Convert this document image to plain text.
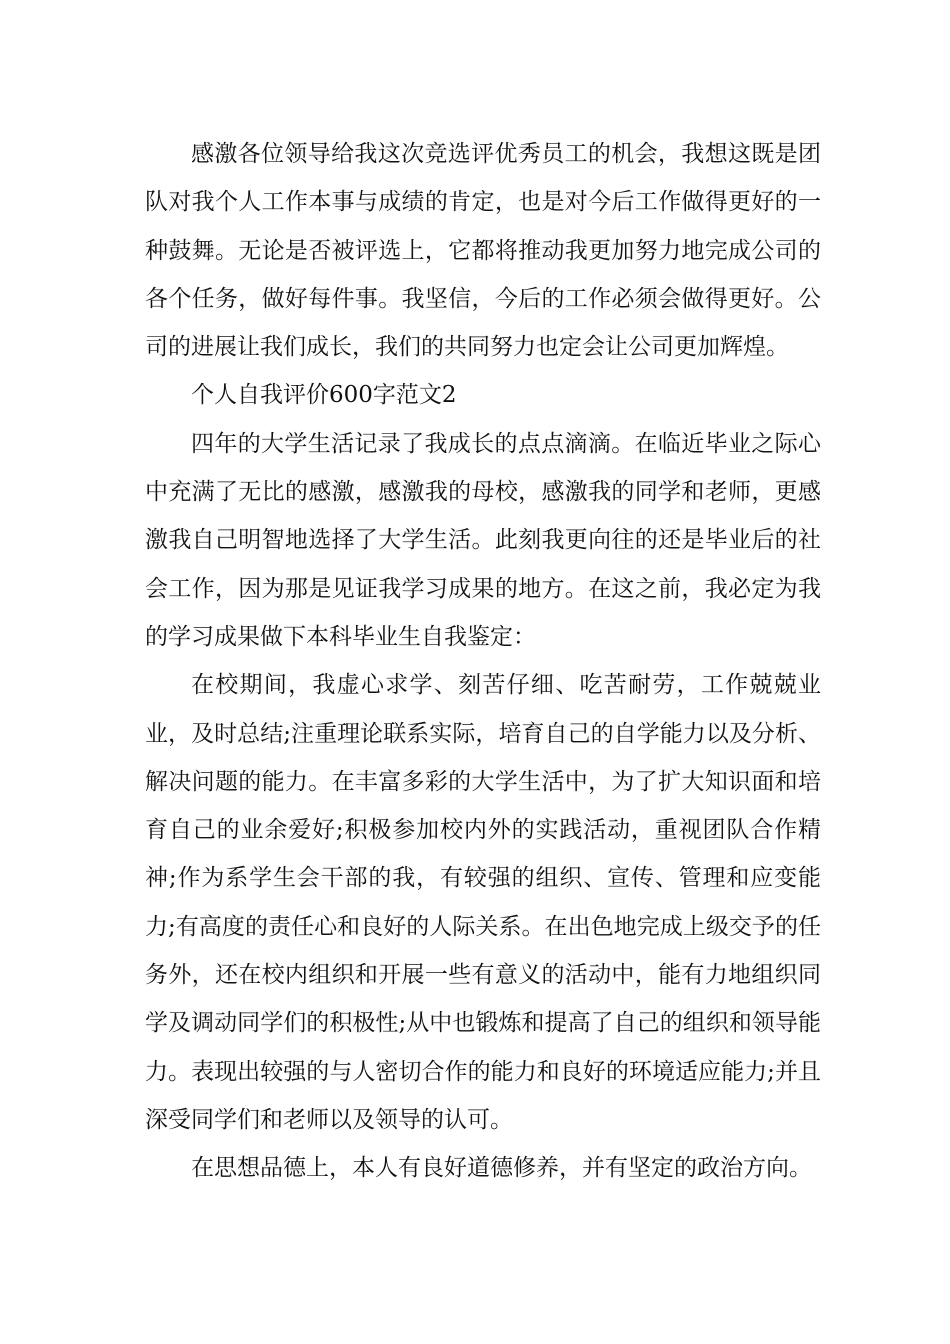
感激各位领导给我这次竞选评优秀员工的机会，我想这既是团队对我个人工作本事与成绩的肯定，也是对今后工作做得更好的一种鼓舞。无论是否被评选上，它都将推动我更加努力地完成公司的各个任务，做好每件事。我坚信，今后的工作必须会做得更好。公司的进展让我们成长，我们的共同努力也定会让公司更加辉煌。

个人自我评价600字范文2

四年的大学生活记录了我成长的点点滴滴。在临近毕业之际心中充满了无比的感激，感激我的母校，感激我的同学和老师，更感激我自己明智地选择了大学生活。此刻我更向往的还是毕业后的社会工作，因为那是见证我学习成果的地方。在这之前，我必定为我的学习成果做下本科毕业生自我鉴定：

在校期间，我虚心求学、刻苦仔细、吃苦耐劳，工作兢兢业业，及时总结;注重理论联系实际，培育自己的自学能力以及分析、解决问题的能力。在丰富多彩的大学生活中，为了扩大知识面和培育自己的业余爱好;积极参加校内外的实践活动，重视团队合作精神;作为系学生会干部的我，有较强的组织、宣传、管理和应变能力;有高度的责任心和良好的人际关系。在出色地完成上级交予的任务外，还在校内组织和开展一些有意义的活动中，能有力地组织同学及调动同学们的积极性;从中也锻炼和提高了自己的组织和领导能力。表现出较强的与人密切合作的能力和良好的环境适应能力;并且深受同学们和老师以及领导的认可。

在思想品德上，本人有良好道德修养，并有坚定的政治方向。
